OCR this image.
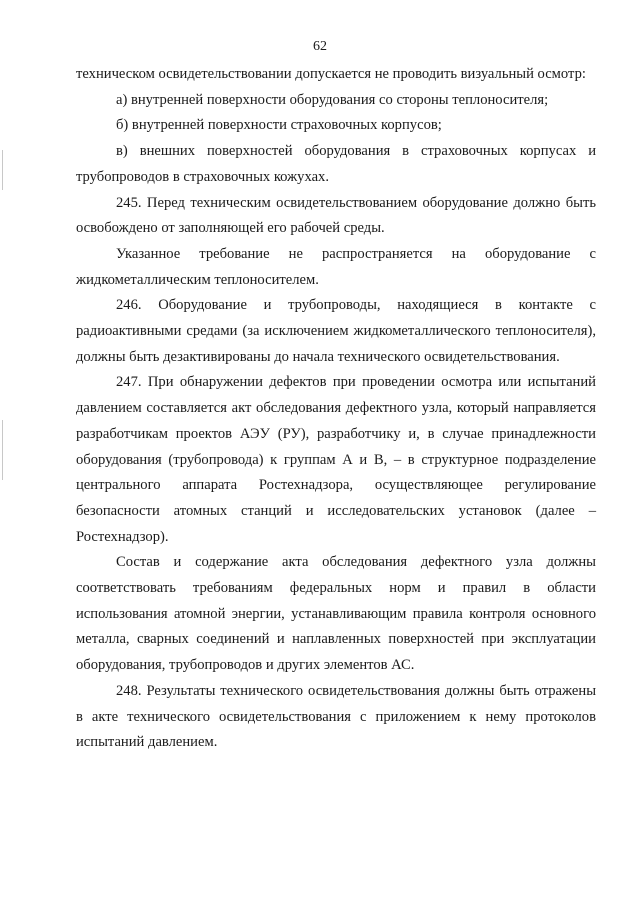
62

техническом освидетельствовании допускается не проводить визуальный осмотр:

а) внутренней поверхности оборудования со стороны теплоносителя;

б) внутренней поверхности страховочных корпусов;

в) внешних поверхностей оборудования в страховочных корпусах и трубопроводов в страховочных кожухах.

245. Перед техническим освидетельствованием оборудование должно быть освобождено от заполняющей его рабочей среды.

Указанное требование не распространяется на оборудование с жидкометаллическим теплоносителем.

246. Оборудование и трубопроводы, находящиеся в контакте с радиоактивными средами (за исключением жидкометаллического теплоносителя), должны быть дезактивированы до начала технического освидетельствования.

247. При обнаружении дефектов при проведении осмотра или испытаний давлением составляется акт обследования дефектного узла, который направляется разработчикам проектов АЭУ (РУ), разработчику и, в случае принадлежности оборудования (трубопровода) к группам А и В, – в структурное подразделение центрального аппарата Ростехнадзора, осуществляющее регулирование безопасности атомных станций и исследовательских установок (далее – Ростехнадзор).

Состав и содержание акта обследования дефектного узла должны соответствовать требованиям федеральных норм и правил в области использования атомной энергии, устанавливающим правила контроля основного металла, сварных соединений и наплавленных поверхностей при эксплуатации оборудования, трубопроводов и других элементов АС.

248. Результаты технического освидетельствования должны быть отражены в акте технического освидетельствования с приложением к нему протоколов испытаний давлением.
